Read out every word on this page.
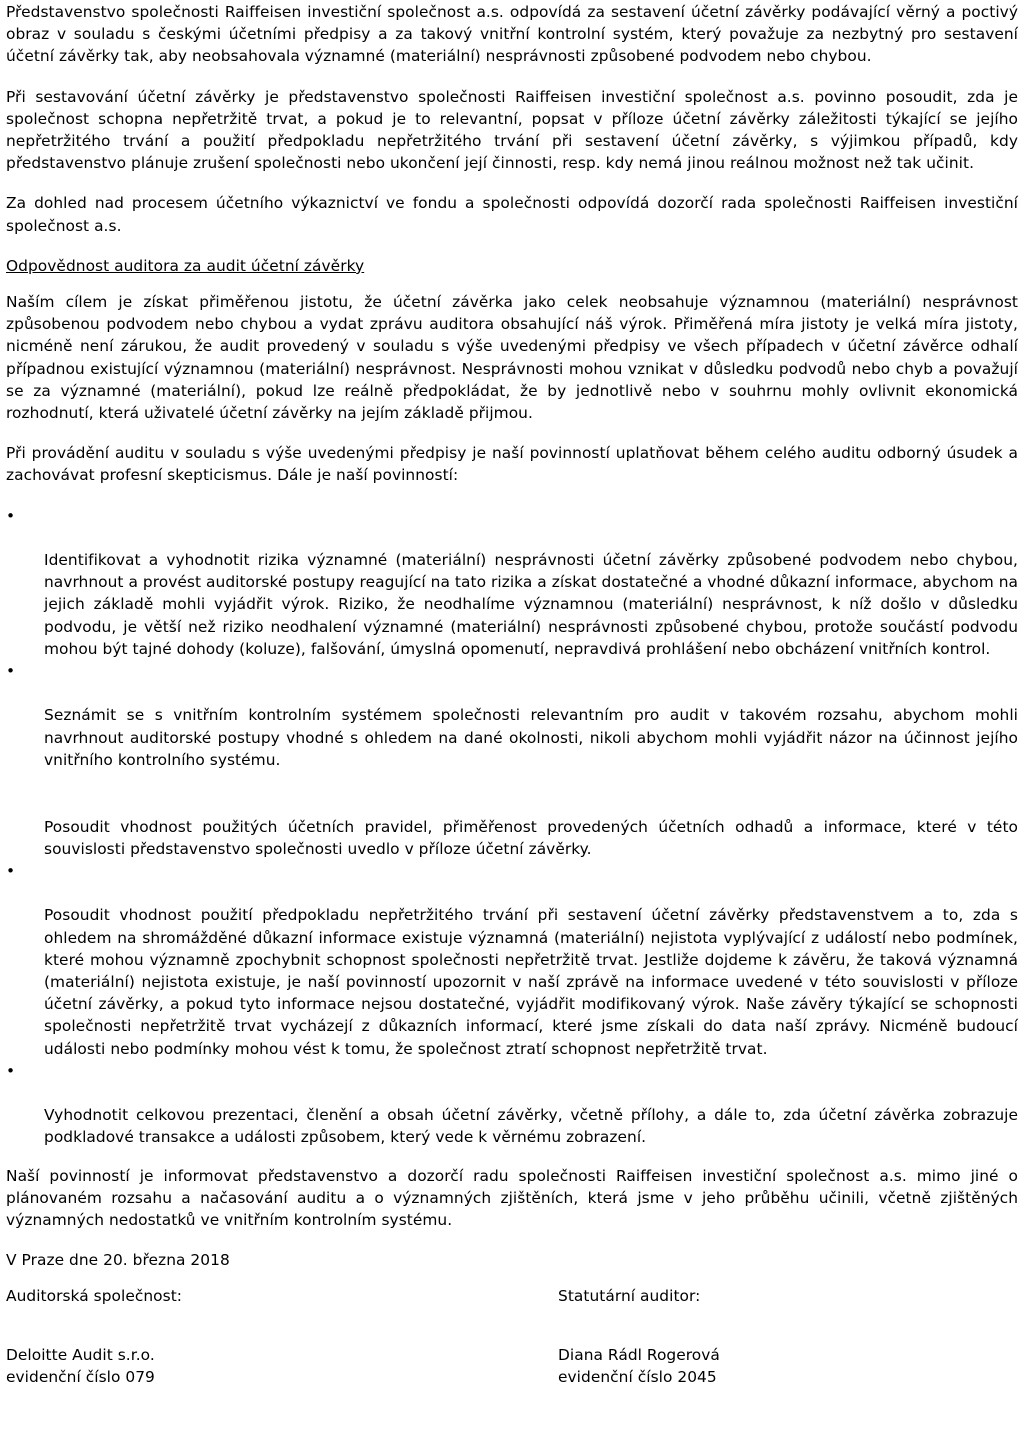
Představenstvo společnosti Raiffeisen investiční společnost a.s. odpovídá za sestavení účetní závěrky podávající věrný a poctivý obraz v souladu s českými účetními předpisy a za takový vnitřní kontrolní systém, který považuje za nezbytný pro sestavení účetní závěrky tak, aby neobsahovala významné (materiální) nesprávnosti způsobené podvodem nebo chybou.

Při sestavování účetní závěrky je představenstvo společnosti Raiffeisen investiční společnost a.s. povinno posoudit, zda je společnost schopna nepřetržitě trvat, a pokud je to relevantní, popsat v příloze účetní závěrky záležitosti týkající se jejího nepřetržitého trvání a použití předpokladu nepřetržitého trvání při sestavení účetní závěrky, s výjimkou případů, kdy představenstvo plánuje zrušení společnosti nebo ukončení její činnosti, resp. kdy nemá jinou reálnou možnost než tak učinit.

Za dohled nad procesem účetního výkaznictví ve fondu a společnosti odpovídá dozorčí rada společnosti Raiffeisen investiční společnost a.s.

Odpovědnost auditora za audit účetní závěrky

Naším cílem je získat přiměřenou jistotu, že účetní závěrka jako celek neobsahuje významnou (materiální) nesprávnost způsobenou podvodem nebo chybou a vydat zprávu auditora obsahující náš výrok. Přiměřená míra jistoty je velká míra jistoty, nicméně není zárukou, že audit provedený v souladu s výše uvedenými předpisy ve všech případech v účetní závěrce odhalí případnou existující významnou (materiální) nesprávnost. Nesprávnosti mohou vznikat v důsledku podvodů nebo chyb a považují se za významné (materiální), pokud lze reálně předpokládat, že by jednotlivě nebo v souhrnu mohly ovlivnit ekonomická rozhodnutí, která uživatelé účetní závěrky na jejím základě přijmou.

Při provádění auditu v souladu s výše uvedenými předpisy je naší povinností uplatňovat během celého auditu odborný úsudek a zachovávat profesní skepticismus. Dále je naší povinností:

•

Identifikovat a vyhodnotit rizika významné (materiální) nesprávnosti účetní závěrky způsobené podvodem nebo chybou, navrhnout a provést auditorské postupy reagující na tato rizika a získat dostatečné a vhodné důkazní informace, abychom na jejich základě mohli vyjádřit výrok. Riziko, že neodhalíme významnou (materiální) nesprávnost, k níž došlo v důsledku podvodu, je větší než riziko neodhalení významné (materiální) nesprávnosti způsobené chybou, protože součástí podvodu mohou být tajné dohody (koluze), falšování, úmyslná opomenutí, nepravdivá prohlášení nebo obcházení vnitřních kontrol.

•

Seznámit se s vnitřním kontrolním systémem společnosti relevantním pro audit v takovém rozsahu, abychom mohli navrhnout auditorské postupy vhodné s ohledem na dané okolnosti, nikoli abychom mohli vyjádřit názor na účinnost jejího vnitřního kontrolního systému.

Posoudit vhodnost použitých účetních pravidel, přiměřenost provedených účetních odhadů a informace, které v této souvislosti představenstvo společnosti uvedlo v příloze účetní závěrky.

•

Posoudit vhodnost použití předpokladu nepřetržitého trvání při sestavení účetní závěrky představenstvem a to, zda s ohledem na shromážděné důkazní informace existuje významná (materiální) nejistota vyplývající z událostí nebo podmínek, které mohou významně zpochybnit schopnost společnosti nepřetržitě trvat. Jestliže dojdeme k závěru, že taková významná (materiální) nejistota existuje, je naší povinností upozornit v naší zprávě na informace uvedené v této souvislosti v příloze účetní závěrky, a pokud tyto informace nejsou dostatečné, vyjádřit modifikovaný výrok. Naše závěry týkající se schopnosti společnosti nepřetržitě trvat vycházejí z důkazních informací, které jsme získali do data naší zprávy. Nicméně budoucí události nebo podmínky mohou vést k tomu, že společnost ztratí schopnost nepřetržitě trvat.

•

Vyhodnotit celkovou prezentaci, členění a obsah účetní závěrky, včetně přílohy, a dále to, zda účetní závěrka zobrazuje podkladové transakce a události způsobem, který vede k věrnému zobrazení.

Naší povinností je informovat představenstvo a dozorčí radu společnosti Raiffeisen investiční společnost a.s. mimo jiné o plánovaném rozsahu a načasování auditu a o významných zjištěních, která jsme v jeho průběhu učinili, včetně zjištěných významných nedostatků ve vnitřním kontrolním systému.

V Praze dne 20. března 2018

Auditorská společnost:	Statutární auditor:
Deloitte Audit s.r.o.
evidenční číslo 079
Diana Rádl Rogerová
evidenční číslo 2045
